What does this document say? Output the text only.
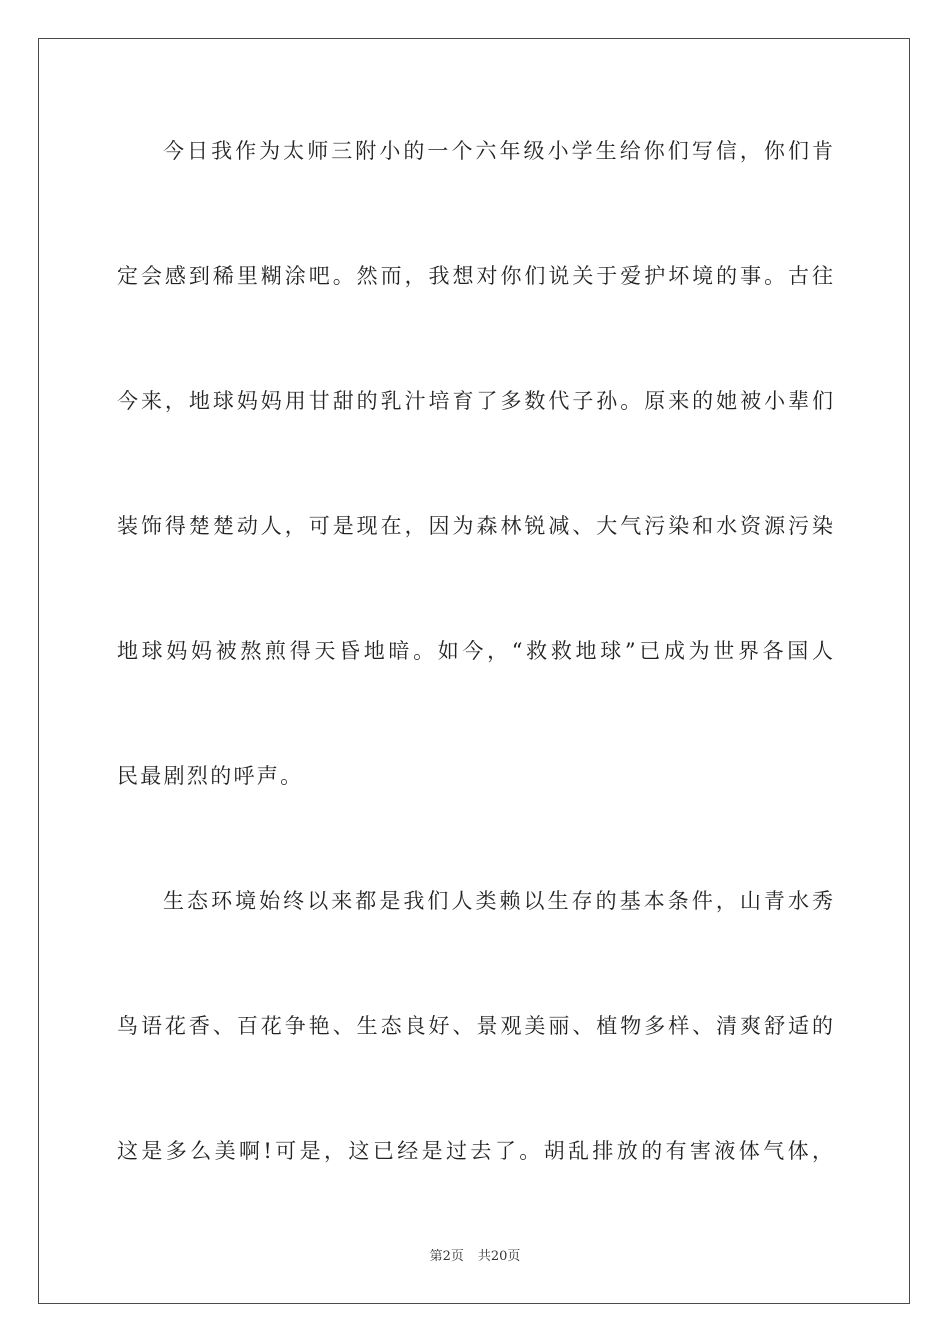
今日我作为太师三附小的一个六年级小学生给你们写信，你们肯
定会感到稀里糊涂吧。然而，我想对你们说关于爱护坏境的事。古往
今来，地球妈妈用甘甜的乳汁培育了多数代子孙。原来的她被小辈们
装饰得楚楚动人，可是现在，因为森林锐减、大气污染和水资源污染
地球妈妈被熬煎得天昏地暗。如今，“救救地球”已成为世界各国人
民最剧烈的呼声。
生态环境始终以来都是我们人类赖以生存的基本条件，山青水秀
鸟语花香、百花争艳、生态良好、景观美丽、植物多样、清爽舒适的
这是多么美啊!可是，这已经是过去了。胡乱排放的有害液体气体，
第2页 共20页
